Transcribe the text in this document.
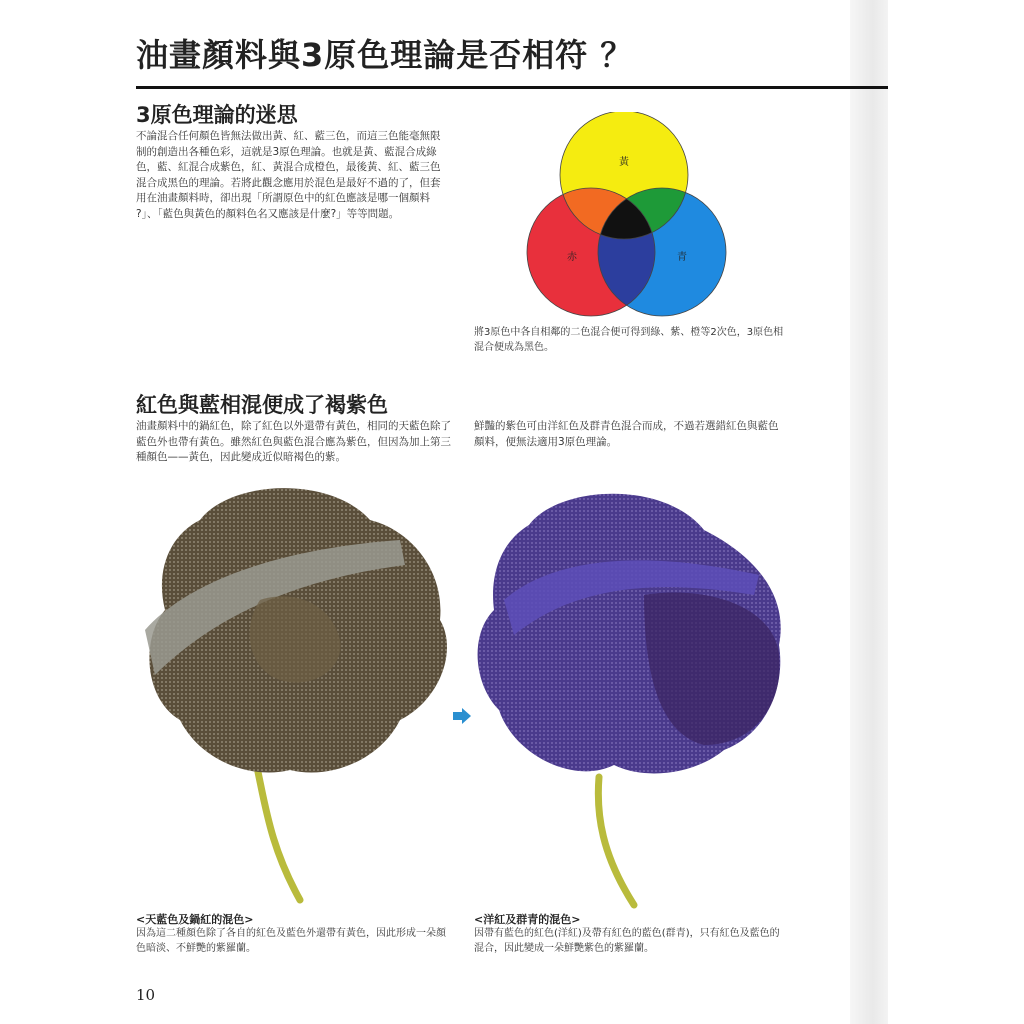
油畫顏料與3原色理論是否相符 ？
3原色理論的迷思
不論混合任何顏色皆無法做出黃、紅、藍三色，而這三色能毫無限制的創造出各種色彩，這就是3原色理論。也就是黃、藍混合成綠色，藍、紅混合成紫色，紅、黃混合成橙色，最後黃、紅、藍三色混合成黑色的理論。若將此觀念應用於混色是最好不過的了，但套用在油畫顏料時，卻出現「所謂原色中的紅色應該是哪一個顏料 ?」、「藍色與黃色的顏料色名又應該是什麼?」等等問題。
黃
赤	青
將3原色中各自相鄰的二色混合便可得到綠、紫、橙等2次色，3原色相混合便成為黑色。
紅色與藍相混便成了褐紫色
油畫顏料中的鍋紅色，除了紅色以外還帶有黃色，相同的天藍色除了藍色外也帶有黃色。雖然紅色與藍色混合應為紫色，但因為加上第三種顏色——黃色，因此變成近似暗褐色的紫。
鮮豔的紫色可由洋紅色及群青色混合而成，不過若選錯紅色與藍色顏料，便無法適用3原色理論。
<天藍色及鍋紅的混色>
因為這二種顏色除了各自的紅色及藍色外還帶有黃色，因此形成一朵顏色暗淡、不鮮艷的紫羅蘭。
<洋紅及群青的混色>
因帶有藍色的紅色(洋紅)及帶有紅色的藍色(群青)，只有紅色及藍色的混合，因此變成一朵鮮艷紫色的紫羅蘭。
10
